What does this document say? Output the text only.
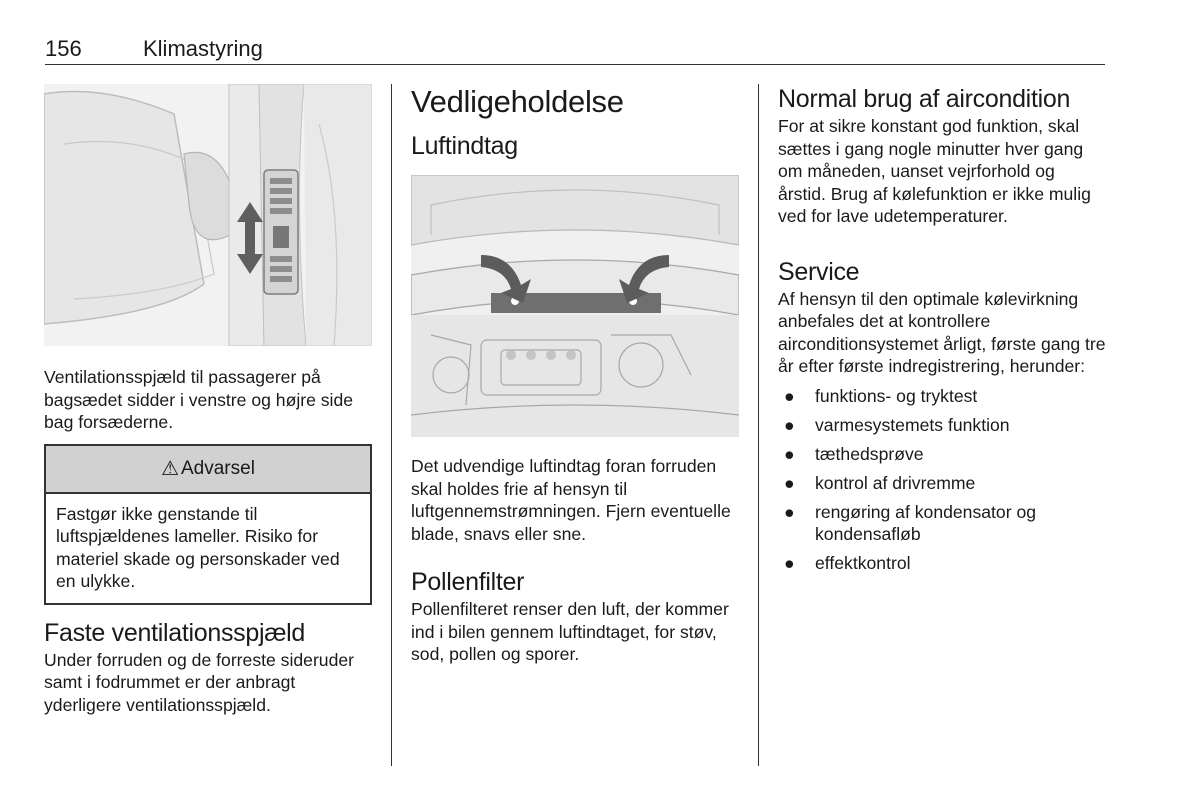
156	Klimastyring

Ventilationsspjæld til passagerer på bagsædet sidder i venstre og højre side bag forsæderne.

⚠ Advarsel
Fastgør ikke genstande til luftspjældenes lameller. Risiko for materiel skade og personskader ved en ulykke.
Faste ventilationsspjæld

Under forruden og de forreste sideruder samt i fodrummet er der anbragt yderligere ventilationsspjæld.

Vedligeholdelse
Luftindtag

Det udvendige luftindtag foran forruden skal holdes frie af hensyn til luftgennemstrømningen. Fjern eventuelle blade, snavs eller sne.

Pollenfilter

Pollenfilteret renser den luft, der kommer ind i bilen gennem luftindtaget, for støv, sod, pollen og sporer.

Normal brug af aircondition

For at sikre konstant god funktion, skal sættes i gang nogle minutter hver gang om måneden, uanset vejrforhold og årstid. Brug af kølefunktion er ikke mulig ved for lave udetemperaturer.

Service

Af hensyn til den optimale kølevirkning anbefales det at kontrollere airconditionsystemet årligt, første gang tre år efter første indregistrering, herunder:

● funktions- og tryktest
● varmesystemets funktion
● tæthedsprøve
● kontrol af drivremme
● rengøring af kondensator og kondensafløb
● effektkontrol
